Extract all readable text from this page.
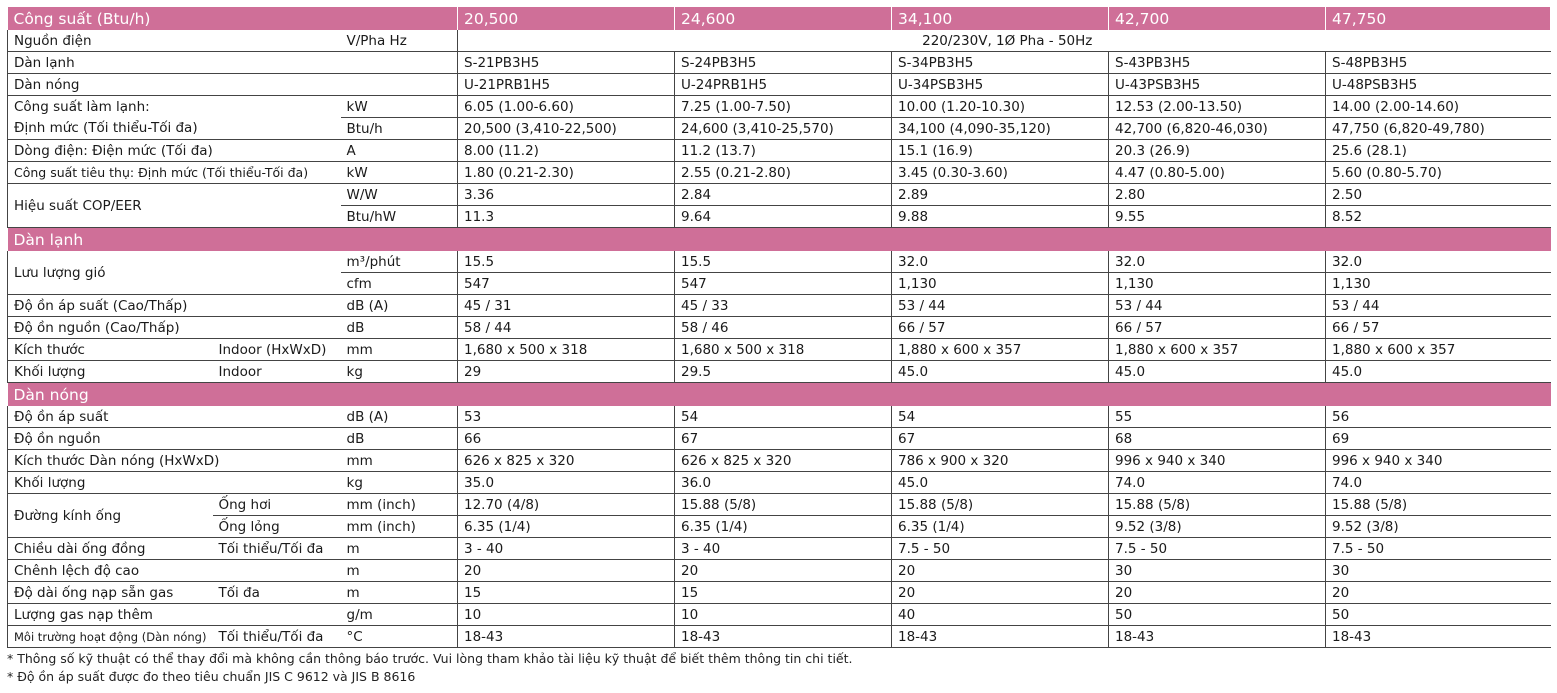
Công suất (Btu/h)			20,500	24,600	34,100	42,700	47,750
Nguồn điện		V/Pha Hz	220/230V, 1Ø Pha - 50Hz				
Dàn lạnh			S-21PB3H5	S-24PB3H5	S-34PB3H5	S-43PB3H5	S-48PB3H5
Dàn nóng			U-21PRB1H5	U-24PRB1H5	U-34PSB3H5	U-43PSB3H5	U-48PSB3H5
Công suất làm lạnh:		kW	6.05 (1.00-6.60)	7.25 (1.00-7.50)	10.00 (1.20-10.30)	12.53 (2.00-13.50)	14.00 (2.00-14.60)
Định mức (Tối thiểu-Tối đa)		Btu/h	20,500 (3,410-22,500)	24,600 (3,410-25,570)	34,100 (4,090-35,120)	42,700 (6,820-46,030)	47,750 (6,820-49,780)
Dòng điện: Điện mức (Tối đa)		A	8.00 (11.2)	11.2 (13.7)	15.1 (16.9)	20.3 (26.9)	25.6 (28.1)
Công suất tiêu thụ: Định mức (Tối thiểu-Tối đa)		kW	1.80 (0.21-2.30)	2.55 (0.21-2.80)	3.45 (0.30-3.60)	4.47 (0.80-5.00)	5.60 (0.80-5.70)
Hiệu suất COP/EER		W/W	3.36	2.84	2.89	2.80	2.50
		Btu/hW	11.3	9.64	9.88	9.55	8.52
Dàn lạnh							
Lưu lượng gió		m³/phút	15.5	15.5	32.0	32.0	32.0
		cfm	547	547	1,130	1,130	1,130
Độ ồn áp suất (Cao/Thấp)		dB (A)	45 / 31	45 / 33	53 / 44	53 / 44	53 / 44
Độ ồn nguồn (Cao/Thấp)		dB	58 / 44	58 / 46	66 / 57	66 / 57	66 / 57
Kích thước	Indoor (HxWxD)	mm	1,680 x 500 x 318	1,680 x 500 x 318	1,880 x 600 x 357	1,880 x 600 x 357	1,880 x 600 x 357
Khối lượng	Indoor	kg	29	29.5	45.0	45.0	45.0
Dàn nóng							
Độ ồn áp suất		dB (A)	53	54	54	55	56
Độ ồn nguồn		dB	66	67	67	68	69
Kích thước Dàn nóng (HxWxD)		mm	626 x 825 x 320	626 x 825 x 320	786 x 900 x 320	996 x 940 x 340	996 x 940 x 340
Khối lượng		kg	35.0	36.0	45.0	74.0	74.0
Đường kính ống	Ống hơi	mm (inch)	12.70 (4/8)	15.88 (5/8)	15.88 (5/8)	15.88 (5/8)	15.88 (5/8)
	Ống lỏng	mm (inch)	6.35 (1/4)	6.35 (1/4)	6.35 (1/4)	9.52 (3/8)	9.52 (3/8)
Chiều dài ống đồng	Tối thiểu/Tối đa	m	3 - 40	3 - 40	7.5 - 50	7.5 - 50	7.5 - 50
Chênh lệch độ cao		m	20	20	20	30	30
Độ dài ống nạp sẵn gas	Tối đa	m	15	15	20	20	20
Lượng gas nạp thêm		g/m	10	10	40	50	50
Môi trường hoạt động (Dàn nóng)	Tối thiểu/Tối đa	°C	18-43	18-43	18-43	18-43	18-43
* Thông số kỹ thuật có thể thay đổi mà không cần thông báo trước. Vui lòng tham khảo tài liệu kỹ thuật để biết thêm thông tin chi tiết.
* Độ ồn áp suất được đo theo tiêu chuẩn JIS C 9612 và JIS B 8616
